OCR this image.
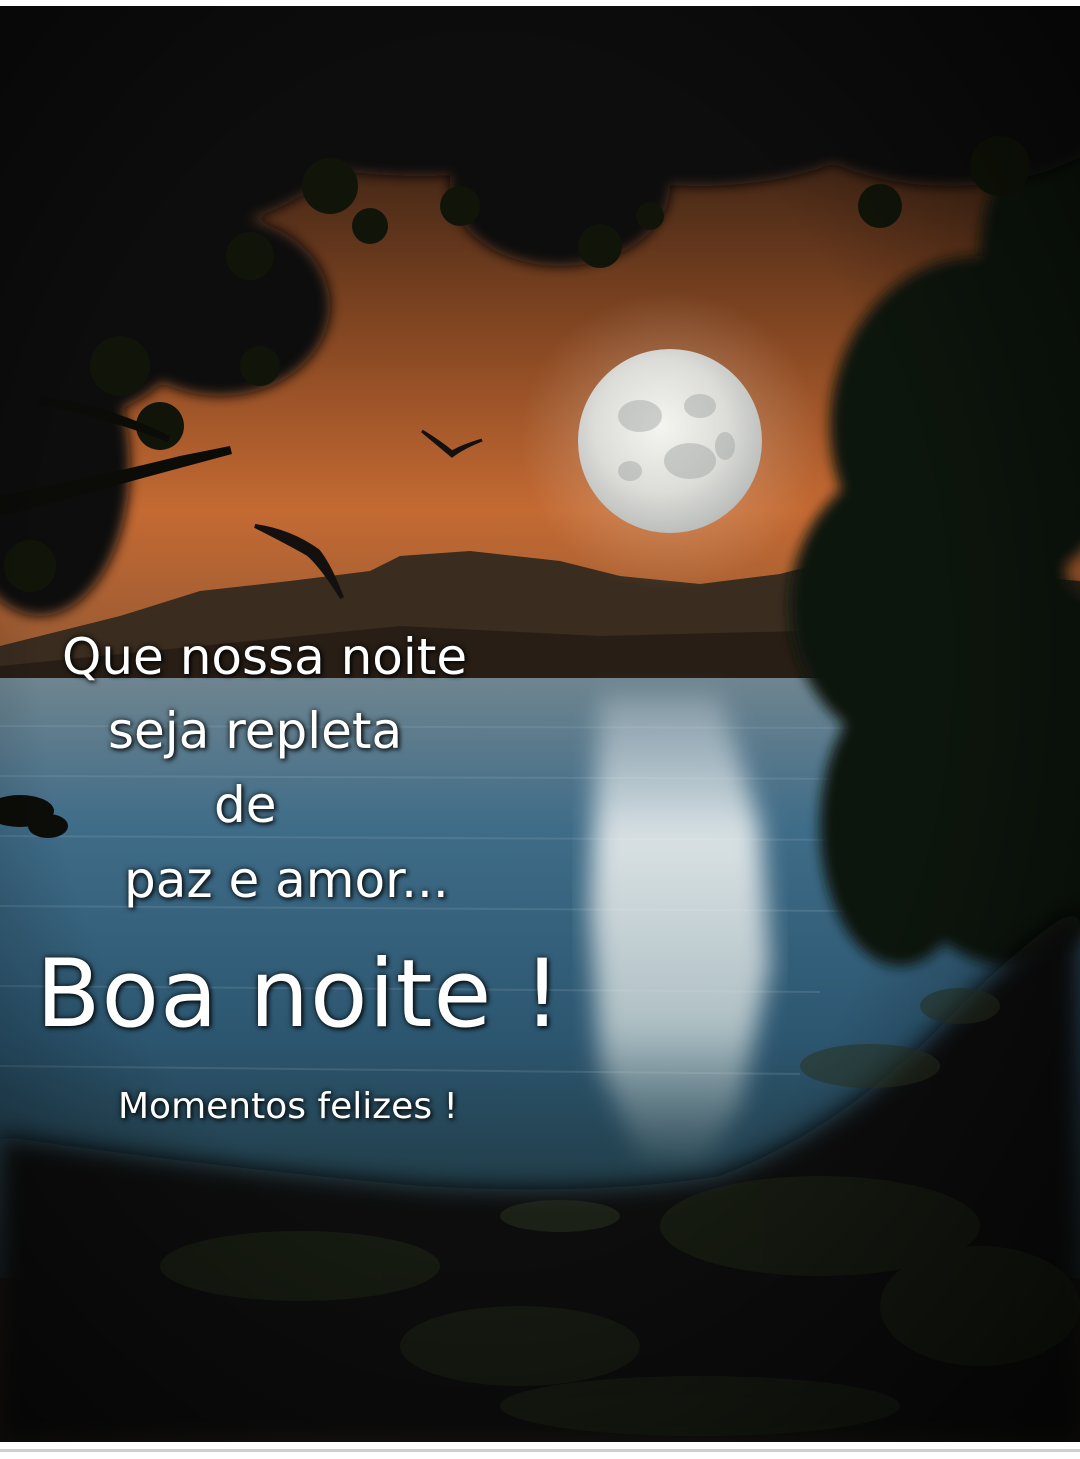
Que nossa noite
seja repleta
de
paz e amor...
Boa noite !
Momentos felizes !
